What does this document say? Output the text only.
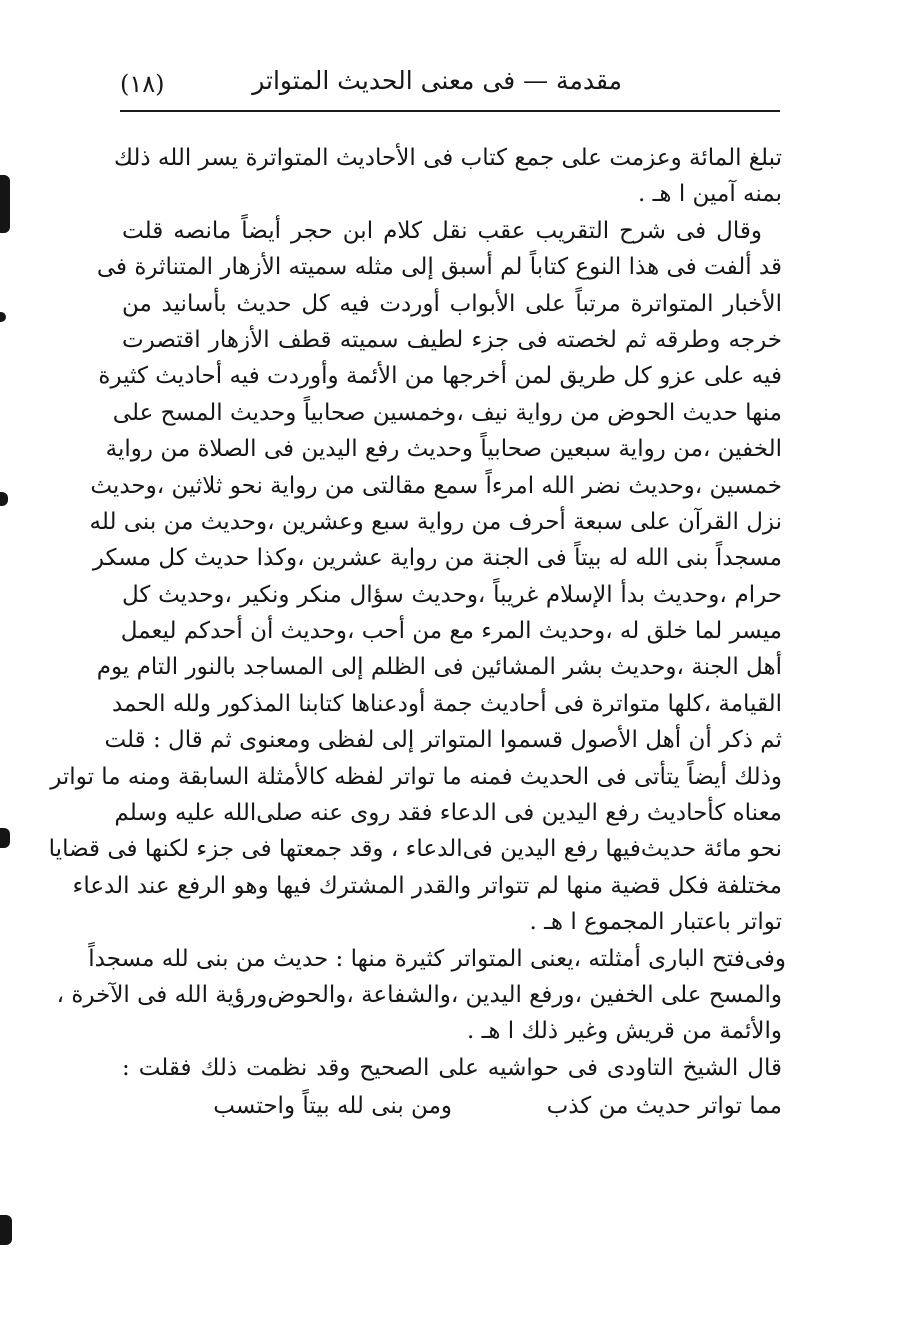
(١٨)	مقدمة — فى معنى الحديث المتواتر
تبلغ المائة وعزمت على جمع كتاب فى الأحاديث المتواترة يسر الله ذلك
بمنه آمين ا هـ .
وقال فى شرح التقريب عقب نقل كلام ابن حجر أيضاً مانصه قلت
قد ألفت فى هذا النوع كتاباً لم أسبق إلى مثله سميته الأزهار المتناثرة فى
الأخبار المتواترة مرتباً على الأبواب أوردت فيه كل حديث بأسانيد من
خرجه وطرقه ثم لخصته فى جزء لطيف سميته قطف الأزهار اقتصرت
فيه على عزو كل طريق لمن أخرجها من الأئمة وأوردت فيه أحاديث كثيرة
منها حديث الحوض من رواية نيف ،وخمسين صحابياً وحديث المسح على
الخفين ،من رواية سبعين صحابياً وحديث رفع اليدين فى الصلاة من رواية
خمسين ،وحديث نضر الله امرءاً سمع مقالتى من رواية نحو ثلاثين ،وحديث
نزل القرآن على سبعة أحرف من رواية سبع وعشرين ،وحديث من بنى لله
مسجداً بنى الله له بيتاً فى الجنة من رواية عشرين ،وكذا حديث كل مسكر
حرام ،وحديث بدأ الإسلام غريباً ،وحديث سؤال منكر ونكير ،وحديث كل
ميسر لما خلق له ،وحديث المرء مع من أحب ،وحديث أن أحدكم ليعمل
أهل الجنة ،وحديث بشر المشائين فى الظلم إلى المساجد بالنور التام يوم
القيامة ،كلها متواترة فى أحاديث جمة أودعناها كتابنا المذكور ولله الحمد
ثم ذكر أن أهل الأصول قسموا المتواتر إلى لفظى ومعنوى ثم قال : قلت
وذلك أيضاً يتأتى فى الحديث فمنه ما تواتر لفظه كالأمثلة السابقة ومنه ما تواتر
معناه كأحاديث رفع اليدين فى الدعاء فقد روى عنه صلى‌الله عليه وسلم
نحو مائة حديث‌فيها رفع اليدين فى‌الدعاء ، وقد جمعتها فى جزء لكنها فى قضايا
مختلفة فكل قضية منها لم تتواتر والقدر المشترك فيها وهو الرفع عند الدعاء
تواتر باعتبار المجموع ا هـ .
وفى‌فتح البارى أمثلته ،يعنى المتواتر كثيرة منها : حديث من بنى لله مسجداً
والمسح على الخفين ،ورفع اليدين ،والشفاعة ،والحوض‌ورؤية الله فى الآخرة ،
والأئمة من قريش وغير ذلك ا هـ .
قال الشيخ التاودى فى حواشيه على الصحيح وقد نظمت ذلك فقلت :
مما تواتر حديث من كذبومن بنى لله بيتاً واحتسب
